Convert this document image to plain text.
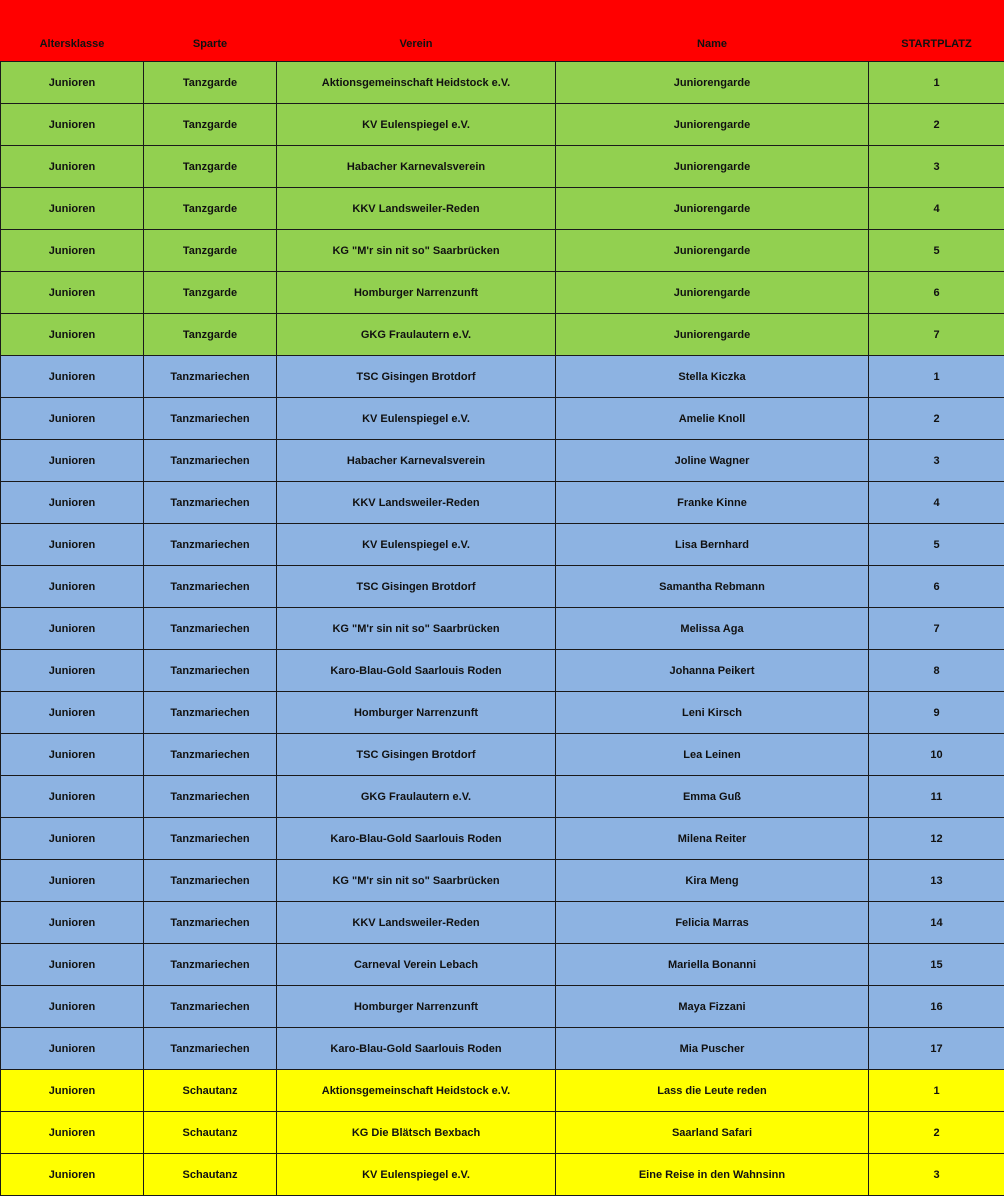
Altersklasse	Sparte	Verein	Name	STARTPLATZ
Junioren	Tanzgarde	Aktionsgemeinschaft Heidstock e.V.	Juniorengarde	1
Junioren	Tanzgarde	KV Eulenspiegel e.V.	Juniorengarde	2
Junioren	Tanzgarde	Habacher Karnevalsverein	Juniorengarde	3
Junioren	Tanzgarde	KKV Landsweiler-Reden	Juniorengarde	4
Junioren	Tanzgarde	KG "M'r sin nit so" Saarbrücken	Juniorengarde	5
Junioren	Tanzgarde	Homburger Narrenzunft	Juniorengarde	6
Junioren	Tanzgarde	GKG Fraulautern e.V.	Juniorengarde	7
Junioren	Tanzmariechen	TSC Gisingen Brotdorf	Stella Kiczka	1
Junioren	Tanzmariechen	KV Eulenspiegel e.V.	Amelie Knoll	2
Junioren	Tanzmariechen	Habacher Karnevalsverein	Joline Wagner	3
Junioren	Tanzmariechen	KKV Landsweiler-Reden	Franke Kinne	4
Junioren	Tanzmariechen	KV Eulenspiegel e.V.	Lisa Bernhard	5
Junioren	Tanzmariechen	TSC Gisingen Brotdorf	Samantha Rebmann	6
Junioren	Tanzmariechen	KG "M'r sin nit so" Saarbrücken	Melissa Aga	7
Junioren	Tanzmariechen	Karo-Blau-Gold Saarlouis Roden	Johanna Peikert	8
Junioren	Tanzmariechen	Homburger Narrenzunft	Leni Kirsch	9
Junioren	Tanzmariechen	TSC Gisingen Brotdorf	Lea Leinen	10
Junioren	Tanzmariechen	GKG Fraulautern e.V.	Emma Guß	11
Junioren	Tanzmariechen	Karo-Blau-Gold Saarlouis Roden	Milena Reiter	12
Junioren	Tanzmariechen	KG "M'r sin nit so" Saarbrücken	Kira Meng	13
Junioren	Tanzmariechen	KKV Landsweiler-Reden	Felicia Marras	14
Junioren	Tanzmariechen	Carneval Verein Lebach	Mariella Bonanni	15
Junioren	Tanzmariechen	Homburger Narrenzunft	Maya Fizzani	16
Junioren	Tanzmariechen	Karo-Blau-Gold Saarlouis Roden	Mia Puscher	17
Junioren	Schautanz	Aktionsgemeinschaft Heidstock e.V.	Lass die Leute reden	1
Junioren	Schautanz	KG Die Blätsch Bexbach	Saarland Safari	2
Junioren	Schautanz	KV Eulenspiegel e.V.	Eine Reise in den Wahnsinn	3
